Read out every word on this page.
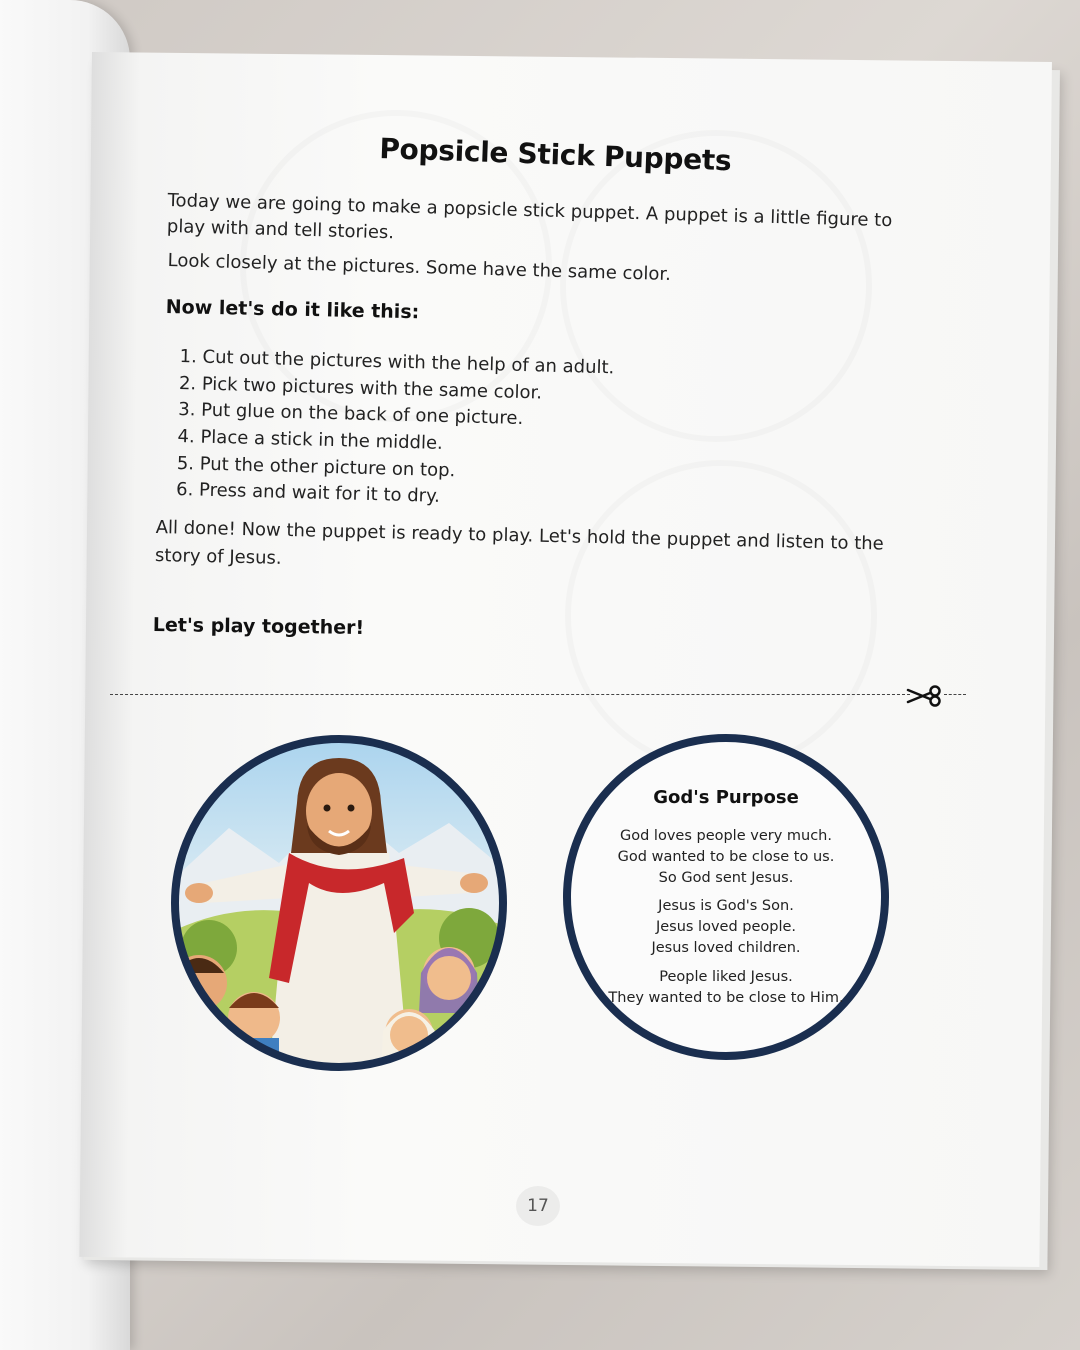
Popsicle Stick Puppets

Today we are going to make a popsicle stick puppet. A puppet is a little figure to play with and tell stories.

Look closely at the pictures. Some have the same color.

Now let's do it like this:
1. Cut out the pictures with the help of an adult.
2. Pick two pictures with the same color.
3. Put glue on the back of one picture.
4. Place a stick in the middle.
5. Put the other picture on top.
6. Press and wait for it to dry.

All done! Now the puppet is ready to play. Let's hold the puppet and listen to the story of Jesus.

Let's play together!
God's Purpose
God loves people very much.
God wanted to be close to us.
So God sent Jesus.
Jesus is God's Son.
Jesus loved people.
Jesus loved children.
People liked Jesus.
They wanted to be close to Him.
17
